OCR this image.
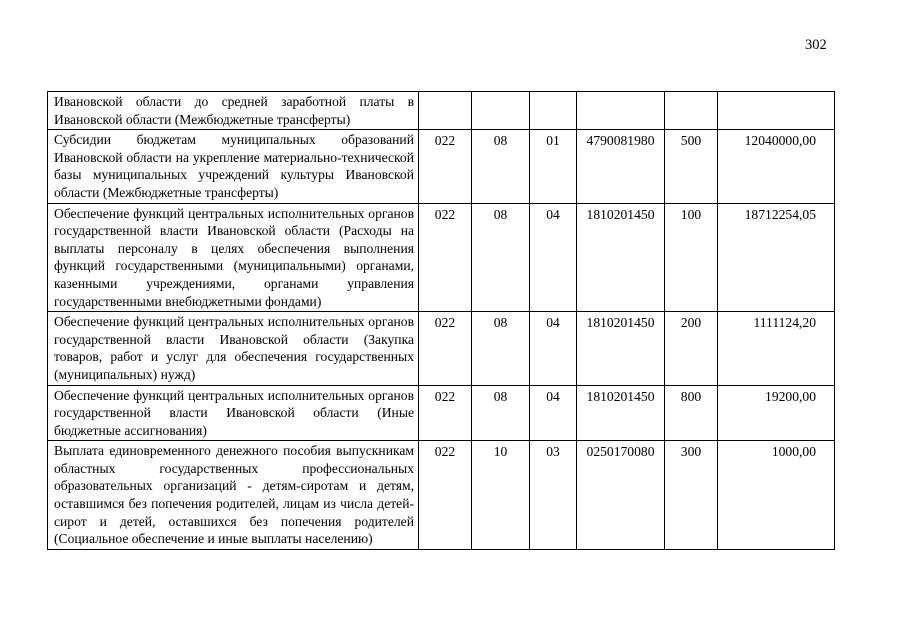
302
Ивановской области до средней заработной платы в Ивановской области (Межбюджетные трансферты)						
Субсидии бюджетам муниципальных образований Ивановской области на укрепление материально-технической базы муниципальных учреждений культуры Ивановской области (Межбюджетные трансферты)	022	08	01	4790081980	500	12040000,00
Обеспечение функций центральных исполнительных органов государственной власти Ивановской области (Расходы на выплаты персоналу в целях обеспечения выполнения функций государственными (муниципальными) органами, казенными учреждениями, органами управления государственными внебюджетными фондами)	022	08	04	1810201450	100	18712254,05
Обеспечение функций центральных исполнительных органов государственной власти Ивановской области (Закупка товаров, работ и услуг для обеспечения государственных (муниципальных) нужд)	022	08	04	1810201450	200	1111124,20
Обеспечение функций центральных исполнительных органов государственной власти Ивановской области (Иные бюджетные ассигнования)	022	08	04	1810201450	800	19200,00
Выплата единовременного денежного пособия выпускникам областных государственных профессиональных образовательных организаций - детям-сиротам и детям, оставшимся без попечения родителей, лицам из числа детей-сирот и детей, оставшихся без попечения родителей (Социальное обеспечение и иные выплаты населению)	022	10	03	0250170080	300	1000,00
